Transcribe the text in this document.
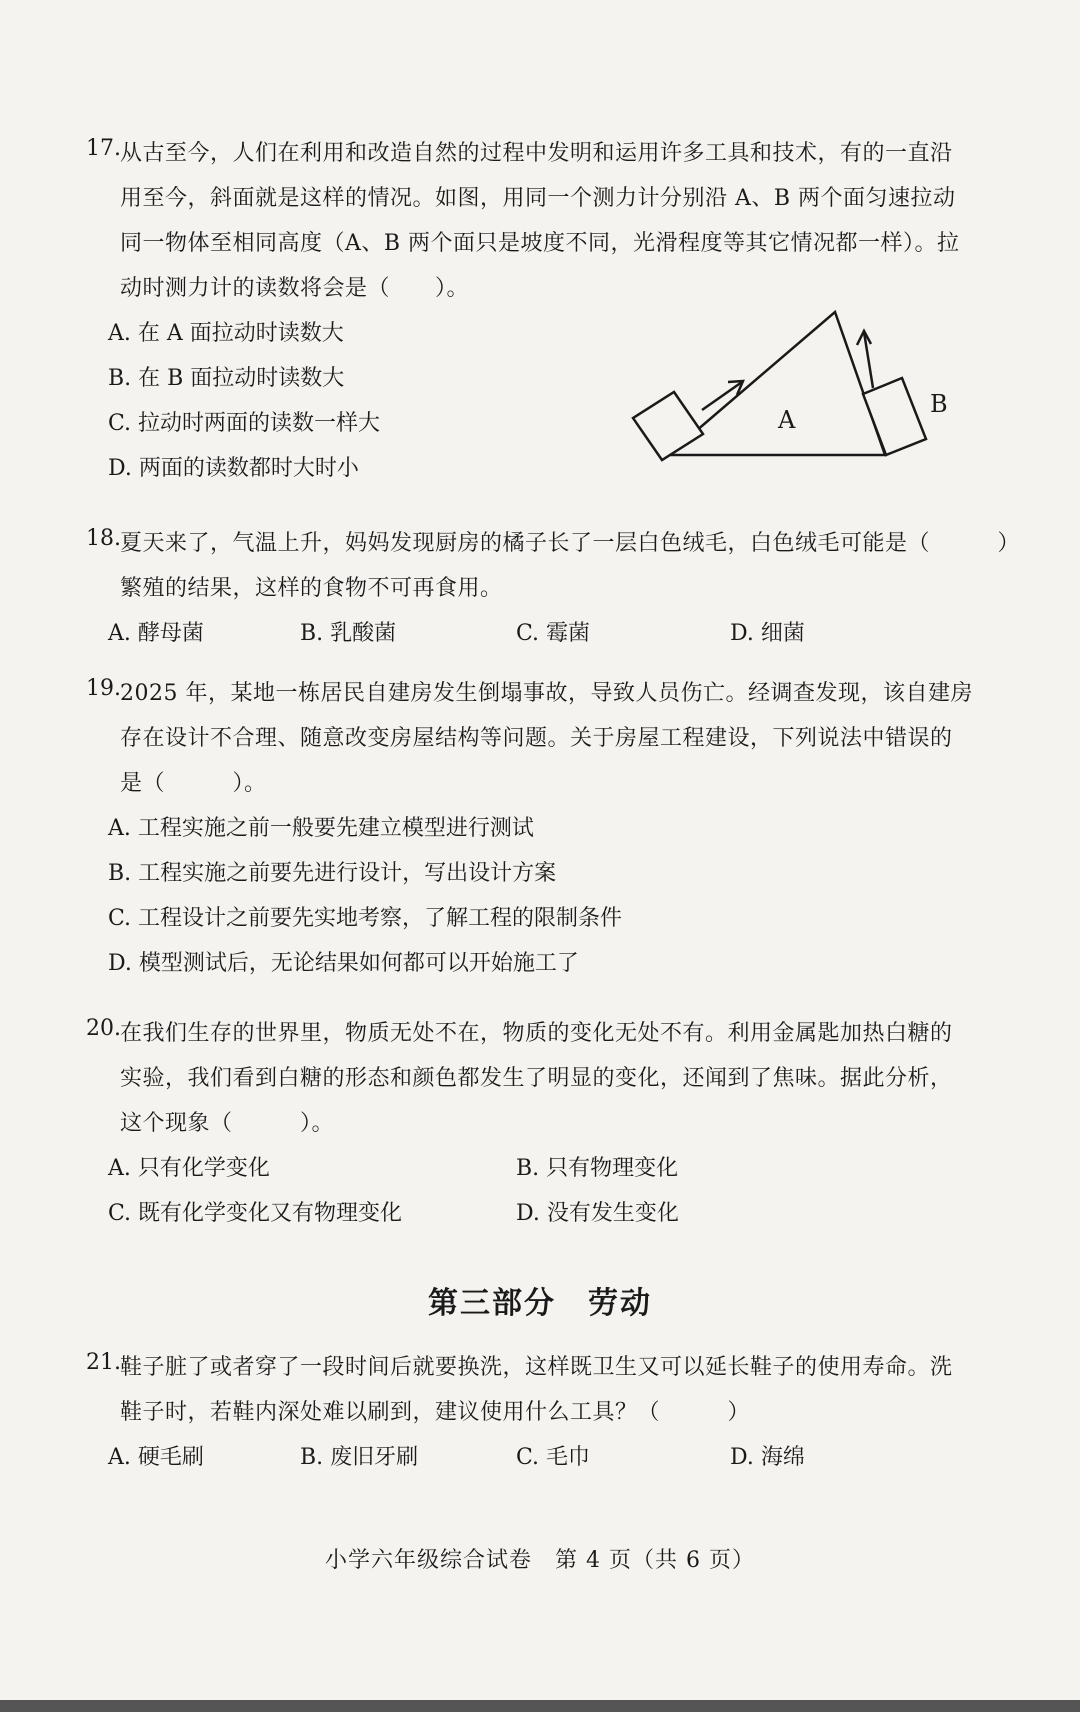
17. 从古至今，人们在利用和改造自然的过程中发明和运用许多工具和技术，有的一直沿
用至今，斜面就是这样的情况。如图，用同一个测力计分别沿 A、B 两个面匀速拉动
同一物体至相同高度（A、B 两个面只是坡度不同，光滑程度等其它情况都一样）。拉
动时测力计的读数将会是（　　）。
A. 在 A 面拉动时读数大
B. 在 B 面拉动时读数大
C. 拉动时两面的读数一样大
D. 两面的读数都时大时小
A
B
18. 夏天来了，气温上升，妈妈发现厨房的橘子长了一层白色绒毛，白色绒毛可能是（　　　）
繁殖的结果，这样的食物不可再食用。
A. 酵母菌	B. 乳酸菌	C. 霉菌	D. 细菌
19. 2025 年，某地一栋居民自建房发生倒塌事故，导致人员伤亡。经调查发现，该自建房
存在设计不合理、随意改变房屋结构等问题。关于房屋工程建设，下列说法中错误的
是（　　　）。
A. 工程实施之前一般要先建立模型进行测试
B. 工程实施之前要先进行设计，写出设计方案
C. 工程设计之前要先实地考察，了解工程的限制条件
D. 模型测试后，无论结果如何都可以开始施工了
20. 在我们生存的世界里，物质无处不在，物质的变化无处不有。利用金属匙加热白糖的
实验，我们看到白糖的形态和颜色都发生了明显的变化，还闻到了焦味。据此分析，
这个现象（　　　）。
A. 只有化学变化	B. 只有物理变化
C. 既有化学变化又有物理变化	D. 没有发生变化
第三部分　劳动
21. 鞋子脏了或者穿了一段时间后就要换洗，这样既卫生又可以延长鞋子的使用寿命。洗
鞋子时，若鞋内深处难以刷到，建议使用什么工具？（　　　）
A. 硬毛刷	B. 废旧牙刷	C. 毛巾	D. 海绵
小学六年级综合试卷　第 4 页（共 6 页）
